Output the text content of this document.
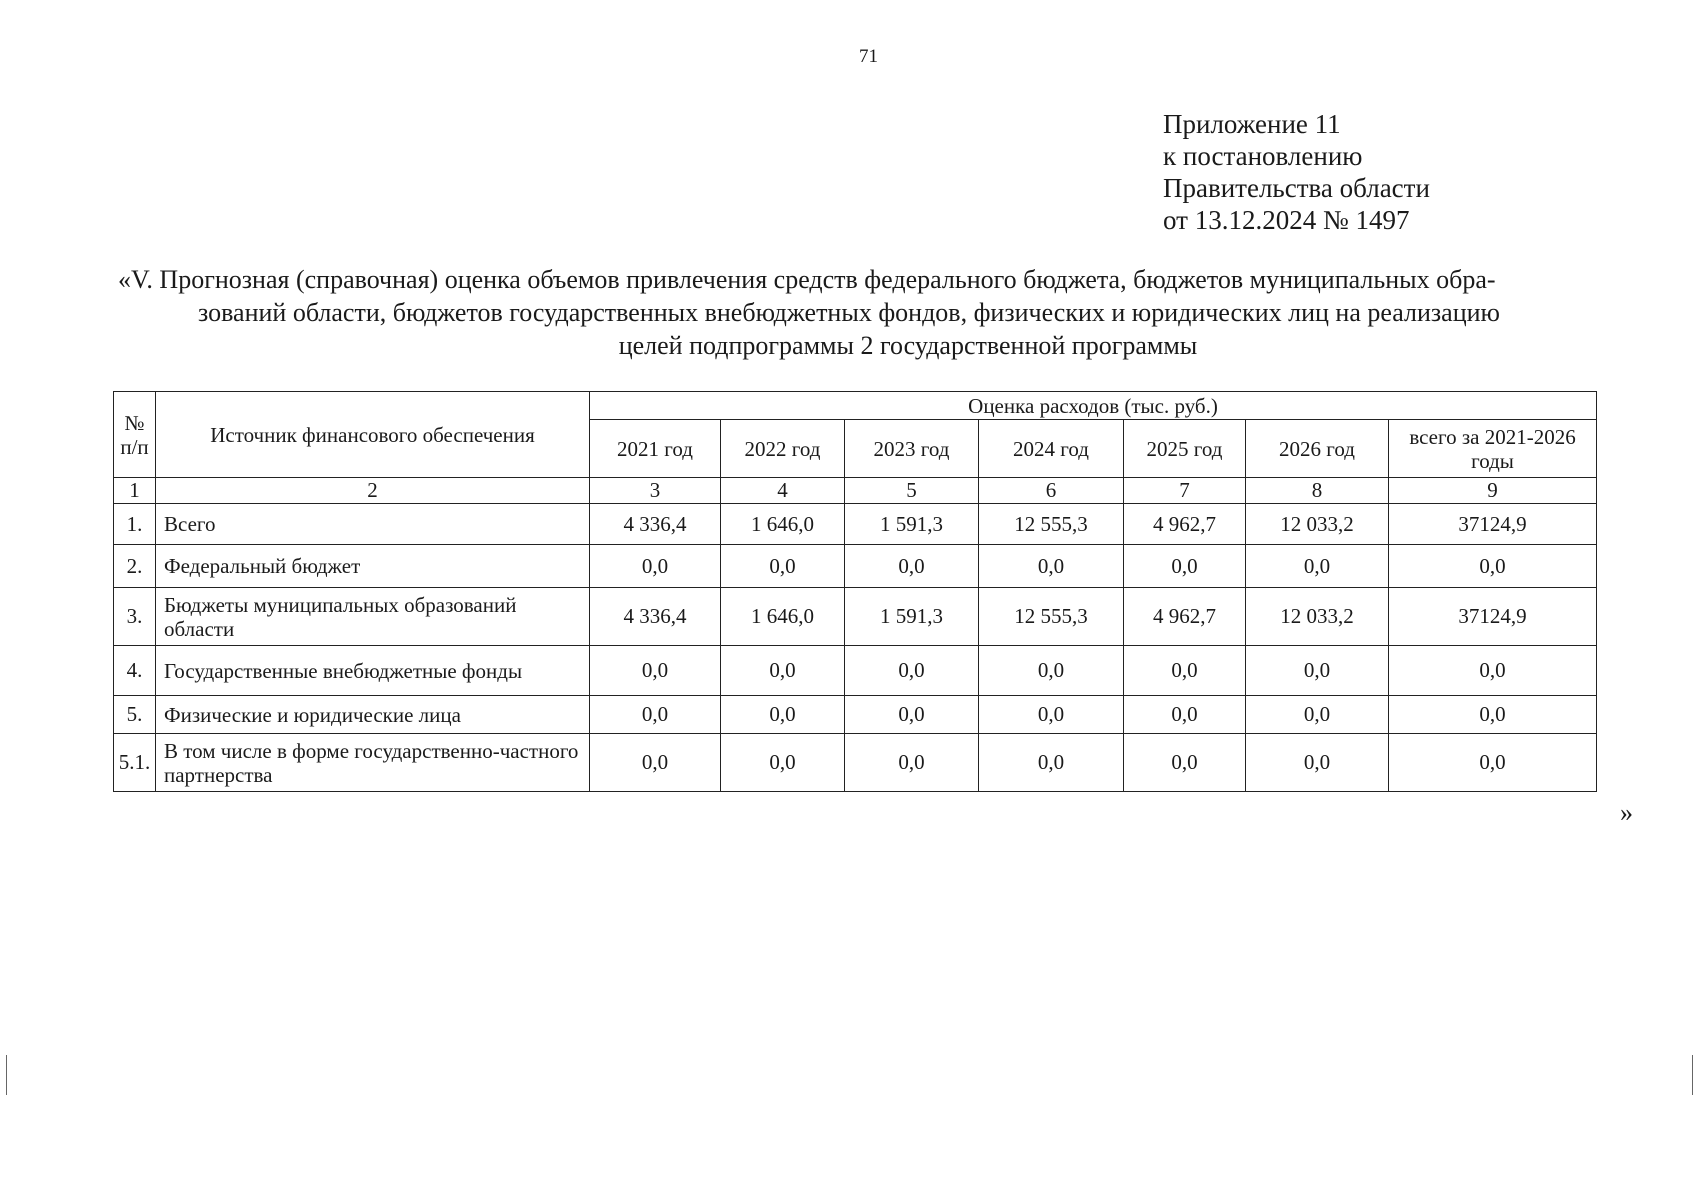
71
Приложение 11
к постановлению
Правительства области
от 13.12.2024 № 1497
«V. Прогнозная (справочная) оценка объемов привлечения средств федерального бюджета, бюджетов муниципальных обра-
зований области, бюджетов государственных внебюджетных фондов, физических и юридических лиц на реализацию
целей подпрограммы 2 государственной программы
№ п/п	Источник финансового обеспечения	Оценка расходов (тыс. руб.)						
		2021 год	2022 год	2023 год	2024 год	2025 год	2026 год	всего за 2021-2026 годы
1	2	3	4	5	6	7	8	9
1.	Всего	4 336,4	1 646,0	1 591,3	12 555,3	4 962,7	12 033,2	37124,9
2.	Федеральный бюджет	0,0	0,0	0,0	0,0	0,0	0,0	0,0
3.	Бюджеты муниципальных образований области	4 336,4	1 646,0	1 591,3	12 555,3	4 962,7	12 033,2	37124,9
4.	Государственные внебюджетные фонды	0,0	0,0	0,0	0,0	0,0	0,0	0,0
5.	Физические и юридические лица	0,0	0,0	0,0	0,0	0,0	0,0	0,0
5.1.	В том числе в форме государственно-частного партнерства	0,0	0,0	0,0	0,0	0,0	0,0	0,0
»
